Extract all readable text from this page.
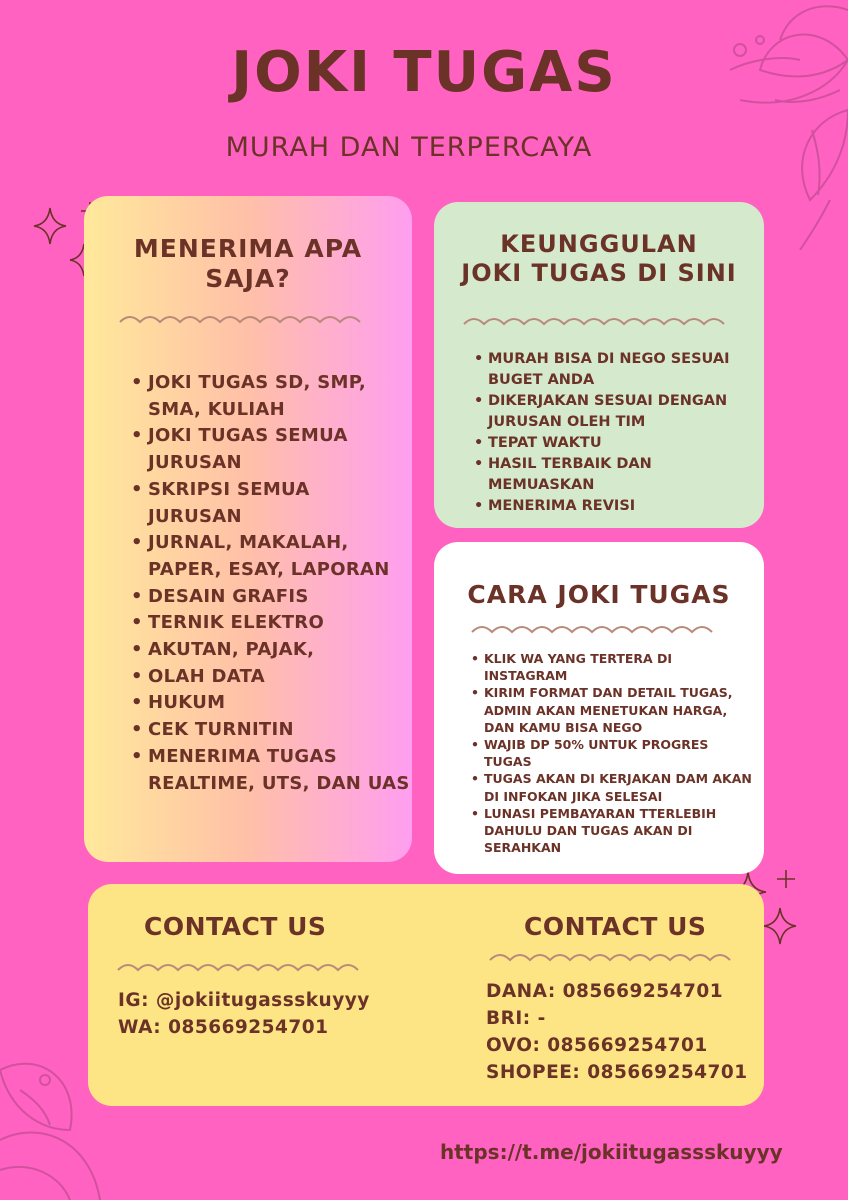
JOKI TUGAS
MURAH DAN TERPERCAYA
MENERIMA APA
SAJA?
• JOKI TUGAS SD, SMP, SMA, KULIAH
• JOKI TUGAS SEMUA JURUSAN
• SKRIPSI SEMUA JURUSAN
• JURNAL, MAKALAH, PAPER, ESAY, LAPORAN
• DESAIN GRAFIS
• TERNIK ELEKTRO
• AKUTAN, PAJAK,
• OLAH DATA
• HUKUM
• CEK TURNITIN
• MENERIMA TUGAS REALTIME, UTS, DAN UAS
KEUNGGULAN
JOKI TUGAS DI SINI
• MURAH BISA DI NEGO SESUAI BUGET ANDA
• DIKERJAKAN SESUAI DENGAN JURUSAN OLEH TIM
• TEPAT WAKTU
• HASIL TERBAIK DAN MEMUASKAN
• MENERIMA REVISI
CARA JOKI TUGAS
• KLIK WA YANG TERTERA DI INSTAGRAM
• KIRIM FORMAT DAN DETAIL TUGAS, ADMIN AKAN MENETUKAN HARGA, DAN KAMU BISA NEGO
• WAJIB DP 50% UNTUK PROGRES TUGAS
• TUGAS AKAN DI KERJAKAN DAM AKAN DI INFOKAN JIKA SELESAI
• LUNASI PEMBAYARAN TTERLEBIH DAHULU DAN TUGAS AKAN DI SERAHKAN
CONTACT US
IG: @jokiitugassskuyyy
WA: 085669254701
CONTACT US
DANA: 085669254701
BRI: -
OVO: 085669254701
SHOPEE: 085669254701
https://t.me/jokiitugassskuyyy
